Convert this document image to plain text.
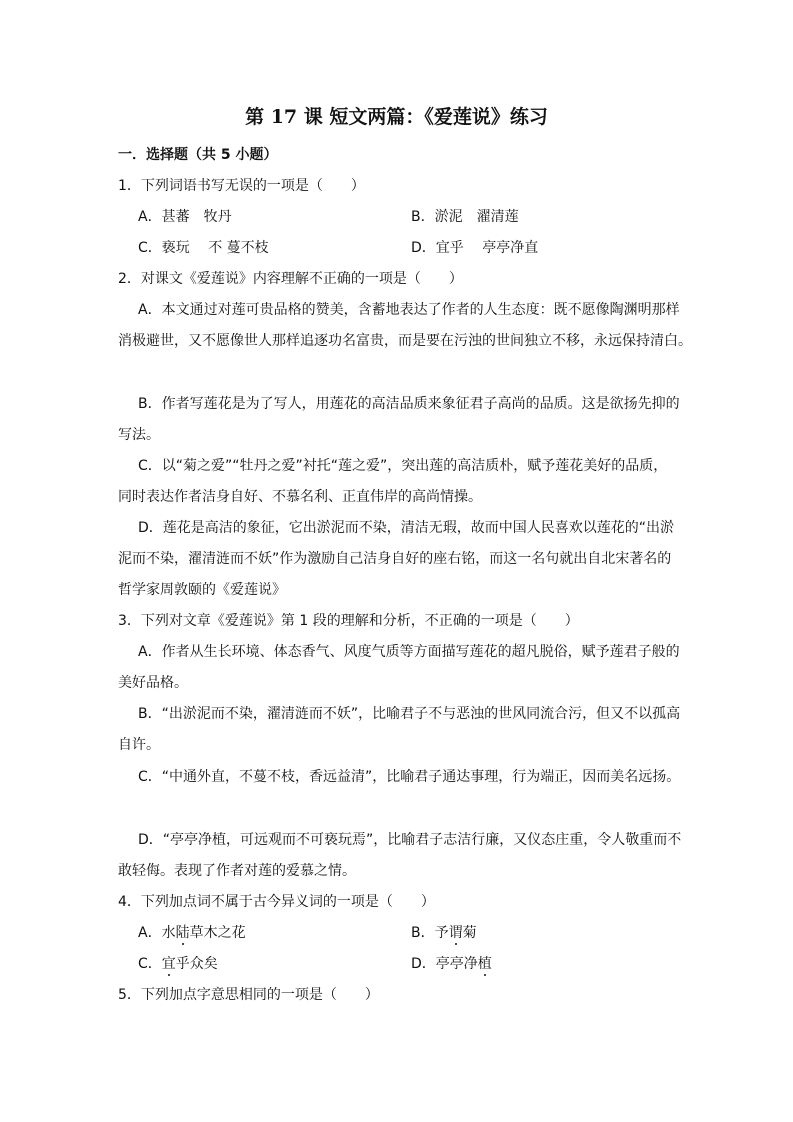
第 17 课 短文两篇：《爱莲说》练习
一．选择题（共 5 小题）
1．下列词语书写无误的一项是（　　）
A．甚蕃　牧丹	B．淤泥　濯清莲
C．亵玩　 不 蔓不枝	D．宜乎　 亭亭净直
2．对课文《爱莲说》内容理解不正确的一项是（　　）
A．本文通过对莲可贵品格的赞美，含蓄地表达了作者的人生态度：既不愿像陶渊明那样
消极避世，又不愿像世人那样追逐功名富贵，而是要在污浊的世间独立不移，永远保持清白。
B．作者写莲花是为了写人，用莲花的高洁品质来象征君子高尚的品质。这是欲扬先抑的
写法。
C．以“菊之爱”“牡丹之爱”衬托“莲之爱”，突出莲的高洁质朴，赋予莲花美好的品质，
同时表达作者洁身自好、不慕名利、正直伟岸的高尚情操。
D．莲花是高洁的象征，它出淤泥而不染，清洁无瑕，故而中国人民喜欢以莲花的“出淤
泥而不染，濯清涟而不妖”作为激励自己洁身自好的座右铭，而这一名句就出自北宋著名的
哲学家周敦颐的《爱莲说》
3．下列对文章《爱莲说》第 1 段的理解和分析，不正确的一项是（　　）
A．作者从生长环境、体态香气、风度气质等方面描写莲花的超凡脱俗，赋予莲君子般的
美好品格。
B．“出淤泥而不染，濯清涟而不妖”，比喻君子不与恶浊的世风同流合污，但又不以孤高
自许。
C．“中通外直，不蔓不枝，香远益清”，比喻君子通达事理，行为端正，因而美名远扬。
D．“亭亭净植，可远观而不可亵玩焉”，比喻君子志洁行廉，又仪态庄重，令人敬重而不
敢轻侮。表现了作者对莲的爱慕之情。
4．下列加点词不属于古今异义词的一项是（　　）
A．水陆草木之花	B．予谓菊
C．宜乎众矣	D．亭亭净植
5．下列加点字意思相同的一项是（　　）
